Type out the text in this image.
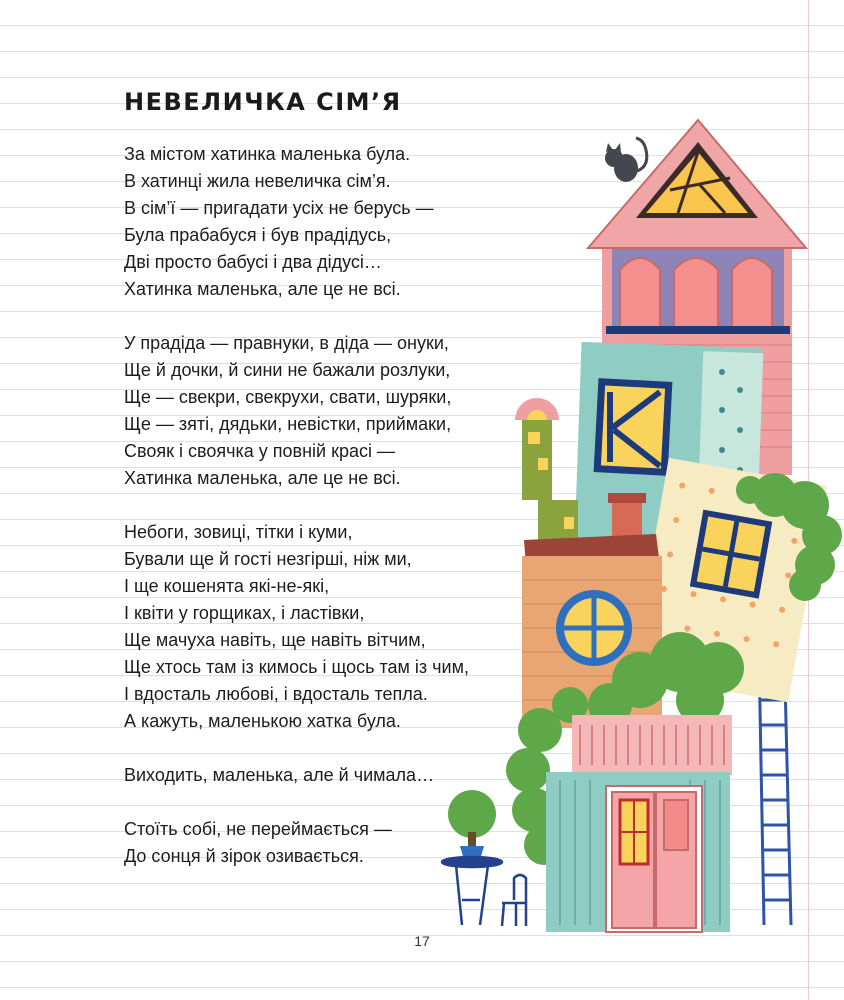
НЕВЕЛИЧКА СІМ’Я
За містом хатинка маленька була.
В хатинці жила невеличка сім’я.
В сім’ї — пригадати усіх не берусь —
Була прабабуся і був прадідусь,
Дві просто бабусі і два дідусі…
Хатинка маленька, але це не всі.
У прадіда — правнуки, в діда — онуки,
Ще й дочки, й сини не бажали розлуки,
Ще — свекри, свекрухи, свати, шуряки,
Ще — зяті, дядьки, невістки, приймаки,
Свояк і своячка у повній красі —
Хатинка маленька, але це не всі.
Небоги, зовиці, тітки і куми,
Бували ще й гості незгірші, ніж ми,
І ще кошенята які-не-які,
І квіти у горщиках, і ластівки,
Ще мачуха навіть, ще навіть вітчим,
Ще хтось там із кимось і щось там із чим,
І вдосталь любові, і вдосталь тепла.
А кажуть, маленькою хатка була.
Виходить, маленька, але й чимала…
Стоїть собі, не переймається —
До сонця й зірок озивається.
17
